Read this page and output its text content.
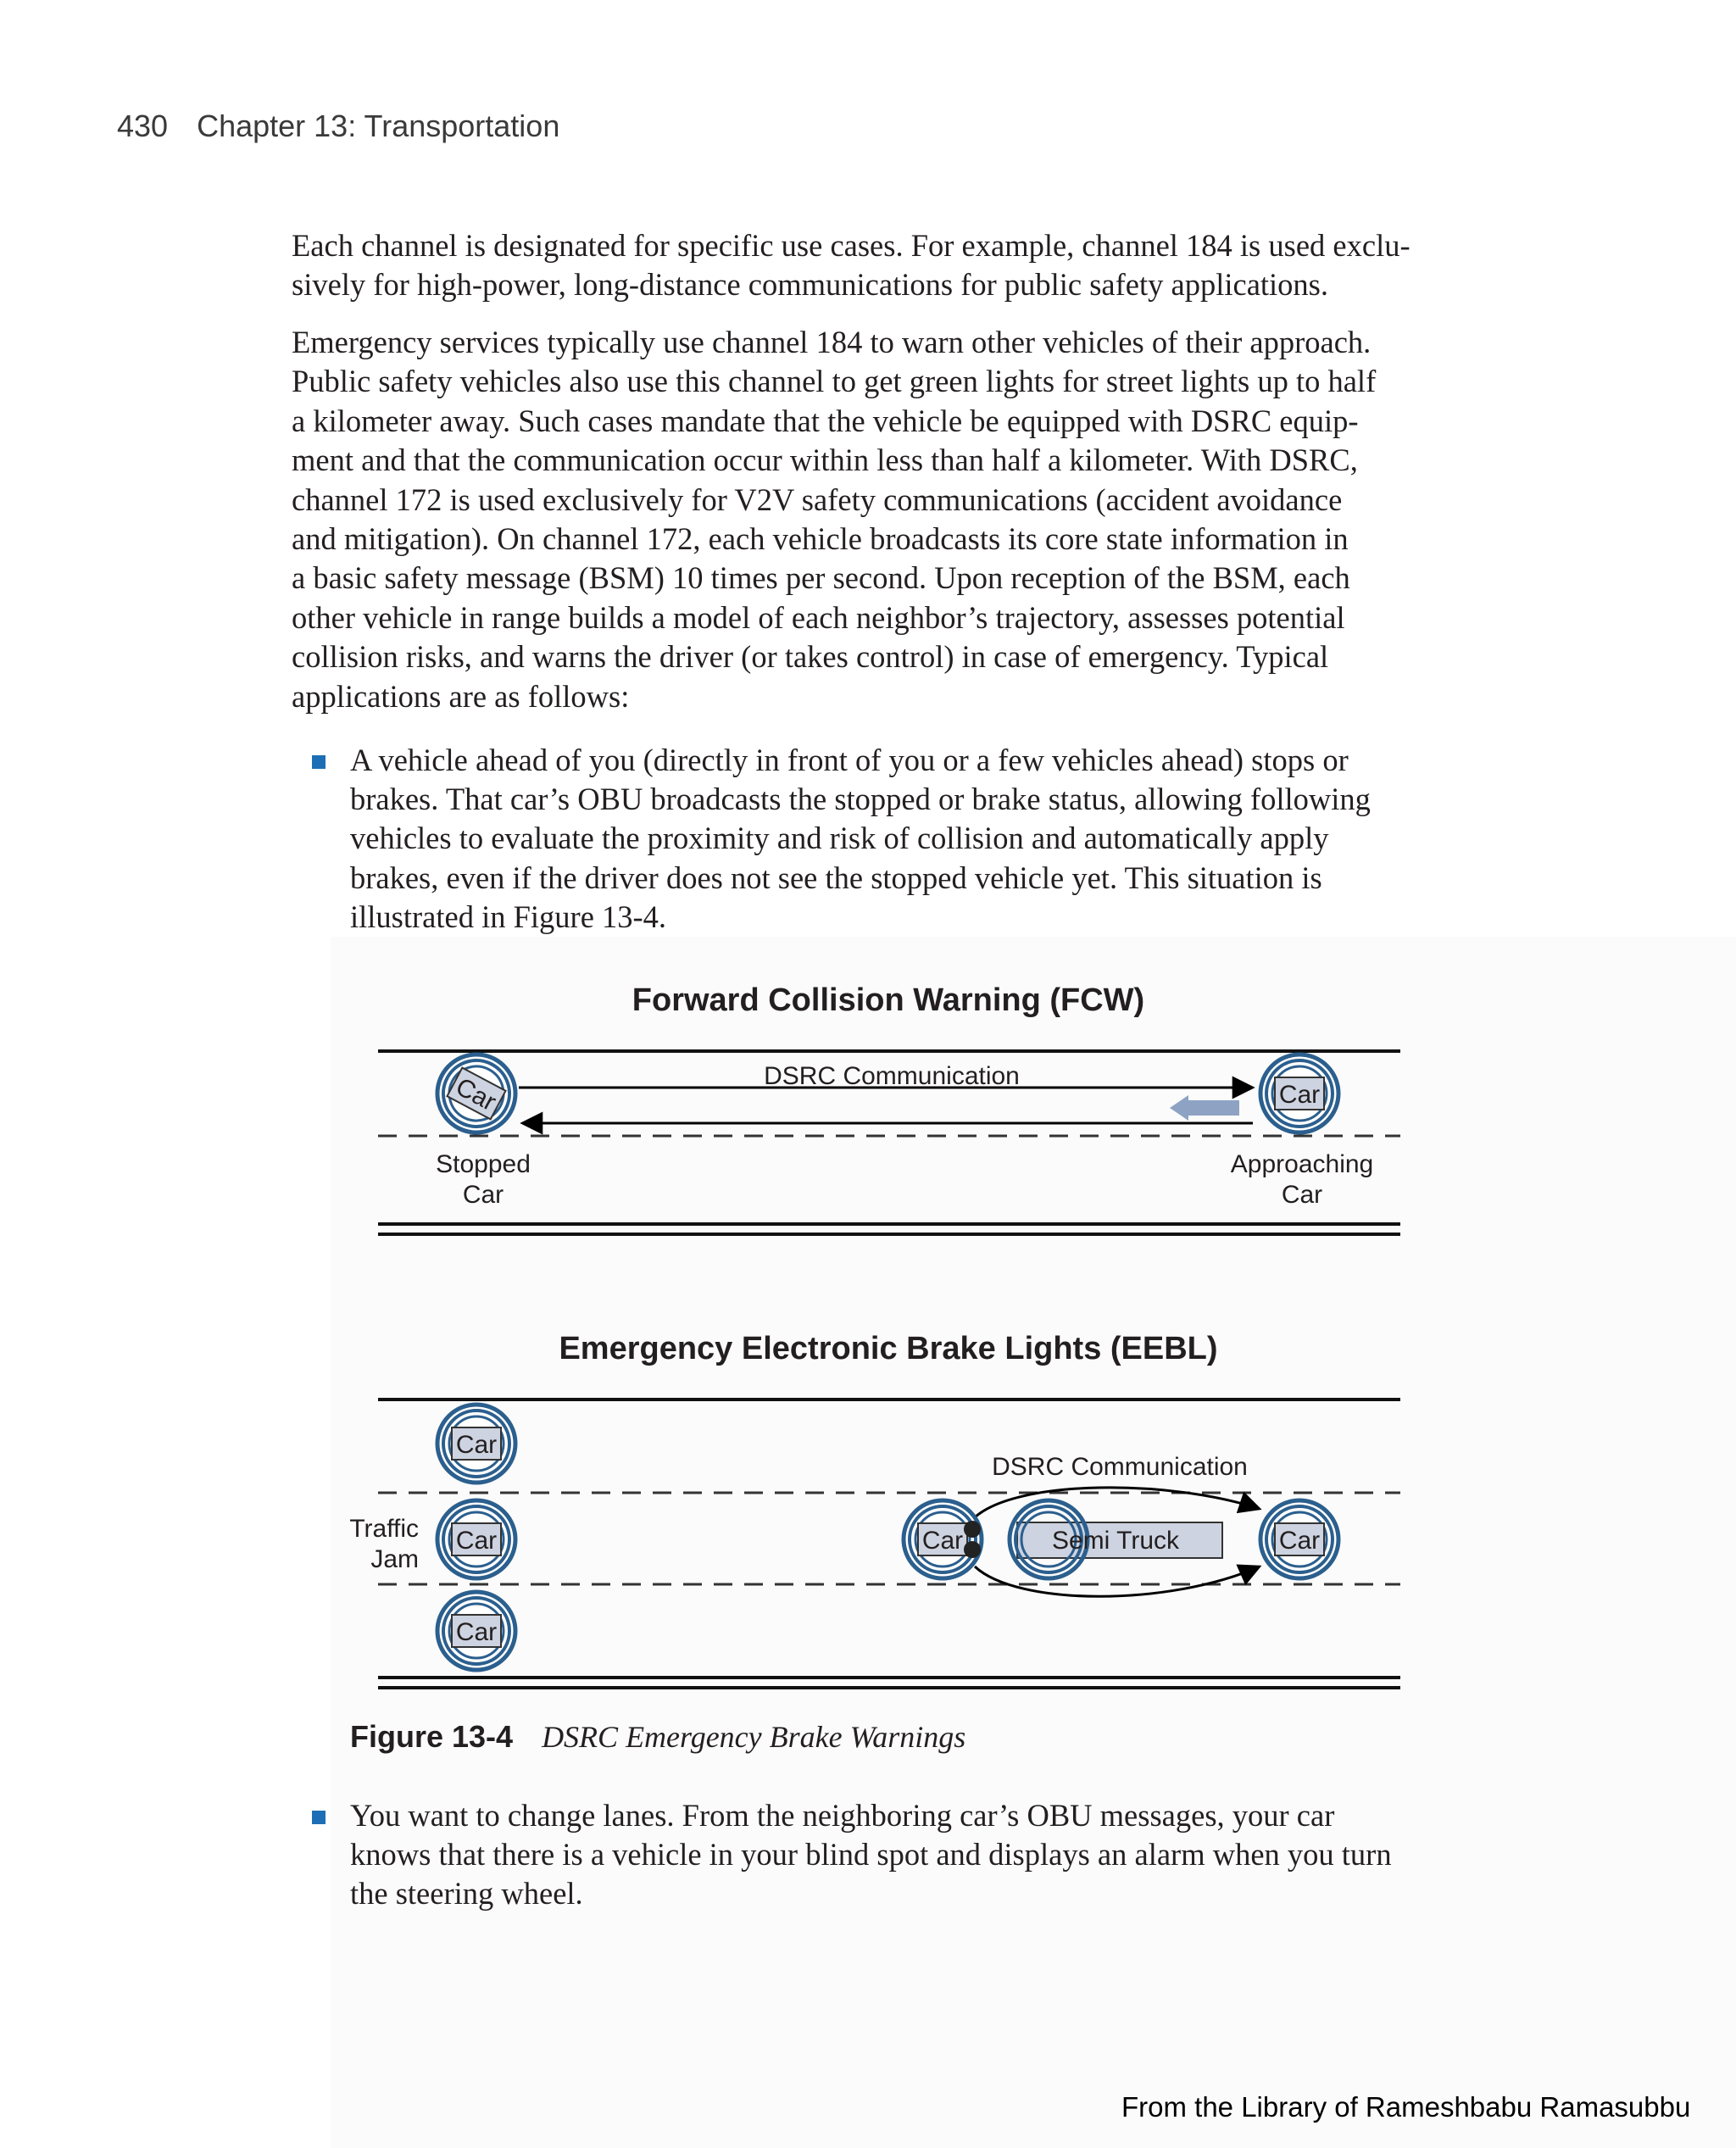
430 Chapter 13: Transportation

Each channel is designated for specific use cases. For example, channel 184 is used exclu-
sively for high-power, long-distance communications for public safety applications.

Emergency services typically use channel 184 to warn other vehicles of their approach.
Public safety vehicles also use this channel to get green lights for street lights up to half
a kilometer away. Such cases mandate that the vehicle be equipped with DSRC equip-
ment and that the communication occur within less than half a kilometer. With DSRC,
channel 172 is used exclusively for V2V safety communications (accident avoidance
and mitigation). On channel 172, each vehicle broadcasts its core state information in
a basic safety message (BSM) 10 times per second. Upon reception of the BSM, each
other vehicle in range builds a model of each neighbor’s trajectory, assesses potential
collision risks, and warns the driver (or takes control) in case of emergency. Typical
applications are as follows:

A vehicle ahead of you (directly in front of you or a few vehicles ahead) stops or
brakes. That car’s OBU broadcasts the stopped or brake status, allowing following
vehicles to evaluate the proximity and risk of collision and automatically apply
brakes, even if the driver does not see the stopped vehicle yet. This situation is
illustrated in Figure 13-4.

Forward Collision Warning (FCW)
DSRC Communication
Car	Car
Stopped
Car
Approaching
Car
Emergency Electronic Brake Lights (EEBL)
DSRC Communication
Traffic
Jam
Car
Car
Car
Car	Semi Truck	Car
Figure 13-4 DSRC Emergency Brake Warnings

You want to change lanes. From the neighboring car’s OBU messages, your car
knows that there is a vehicle in your blind spot and displays an alarm when you turn
the steering wheel.

From the Library of Rameshbabu Ramasubbu
